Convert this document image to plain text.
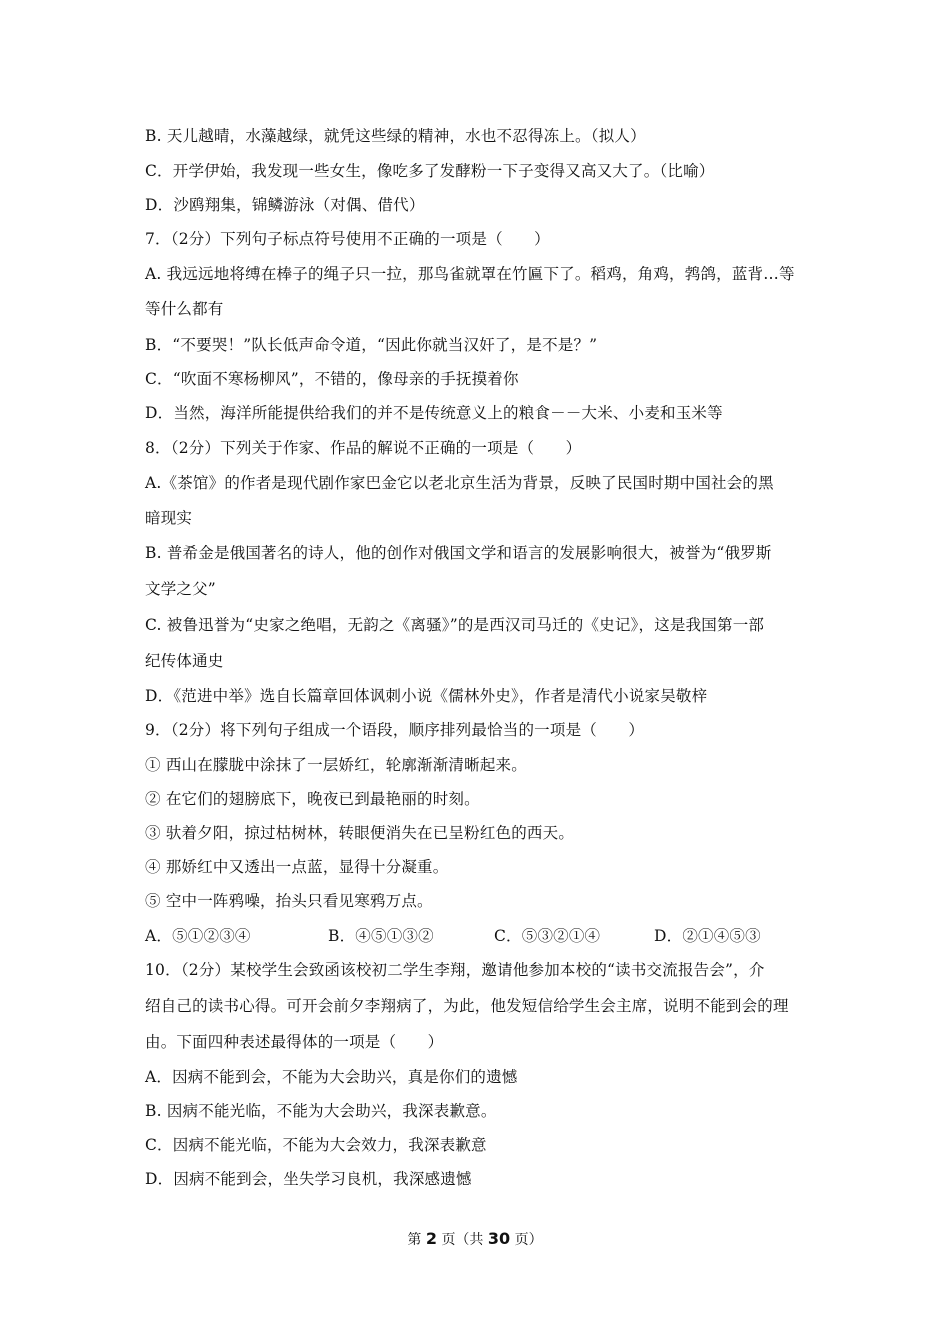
B. 天儿越晴，水藻越绿，就凭这些绿的精神，水也不忍得冻上。（拟人）
C．开学伊始，我发现一些女生，像吃多了发酵粉一下子变得又高又大了。（比喻）
D．沙鸥翔集，锦鳞游泳（对偶、借代）
7．（2分）下列句子标点符号使用不正确的一项是（　　）
A. 我远远地将缚在棒子的绳子只一拉，那鸟雀就罩在竹匾下了。稻鸡，角鸡，鹁鸽，蓝背…等
等什么都有
B．“不要哭！”队长低声命令道，“因此你就当汉奸了，是不是？”
C．“吹面不寒杨柳风”，不错的，像母亲的手抚摸着你
D．当然，海洋所能提供给我们的并不是传统意义上的粮食－－大米、小麦和玉米等
8．（2分）下列关于作家、作品的解说不正确的一项是（　　）
A.《茶馆》的作者是现代剧作家巴金它以老北京生活为背景，反映了民国时期中国社会的黑
暗现实
B. 普希金是俄国著名的诗人，他的创作对俄国文学和语言的发展影响很大，被誉为“俄罗斯
文学之父”
C. 被鲁迅誉为“史家之绝唱，无韵之《离骚》”的是西汉司马迁的《史记》，这是我国第一部
纪传体通史
D．《范进中举》选自长篇章回体讽刺小说《儒林外史》，作者是清代小说家吴敬梓
9．（2分）将下列句子组成一个语段，顺序排列最恰当的一项是（　　）
① 西山在朦胧中涂抹了一层娇红，轮廓渐渐清晰起来。
② 在它们的翅膀底下，晚夜已到最艳丽的时刻。
③ 驮着夕阳，掠过枯树林，转眼便消失在已呈粉红色的西天。
④ 那娇红中又透出一点蓝，显得十分凝重。
⑤ 空中一阵鸦噪，抬头只看见寒鸦万点。
A．⑤①②③④	B．④⑤①③②	C．⑤③②①④	D．②①④⑤③
10．（2分）某校学生会致函该校初二学生李翔，邀请他参加本校的“读书交流报告会”，介
绍自己的读书心得。可开会前夕李翔病了，为此，他发短信给学生会主席，说明不能到会的理
由。下面四种表述最得体的一项是（　　）
A．因病不能到会，不能为大会助兴，真是你们的遗憾
B. 因病不能光临，不能为大会助兴，我深表歉意。
C．因病不能光临，不能为大会效力，我深表歉意
D．因病不能到会，坐失学习良机，我深感遗憾
第 2 页（共 30 页）
